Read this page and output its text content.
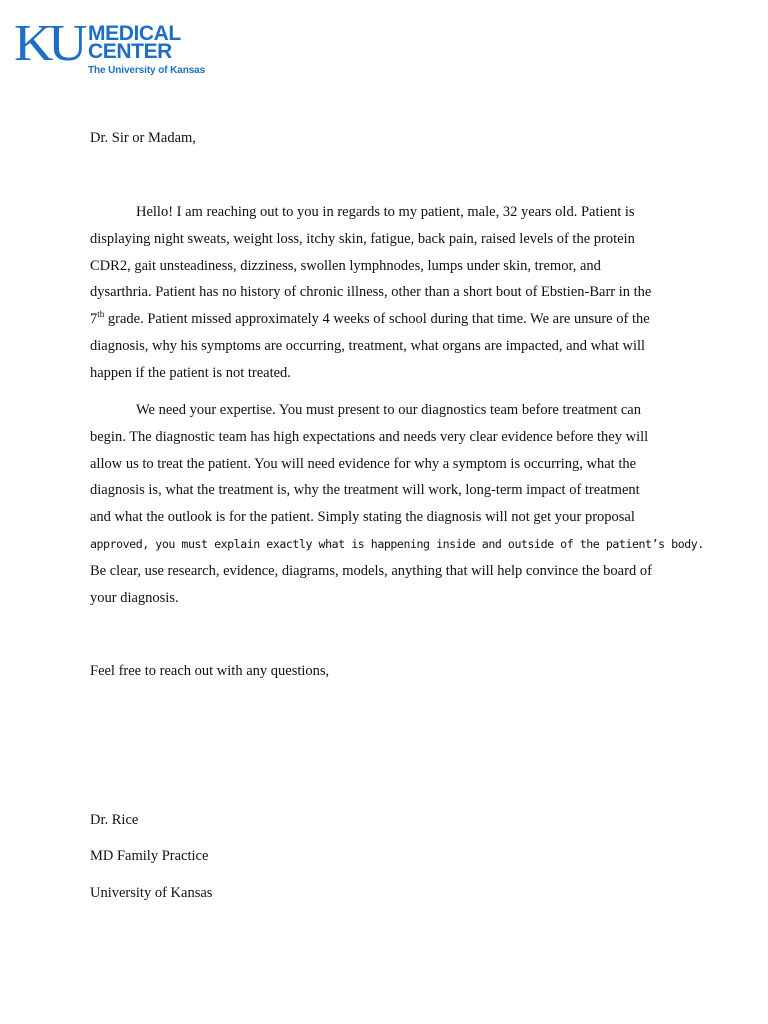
KU MEDICAL
CENTER
The University of Kansas
Dr. Sir or Madam,
Hello! I am reaching out to you in regards to my patient, male, 32 years old. Patient is
displaying night sweats, weight loss, itchy skin, fatigue, back pain, raised levels of the protein
CDR2, gait unsteadiness, dizziness, swollen lymphnodes, lumps under skin, tremor, and
dysarthria. Patient has no history of chronic illness, other than a short bout of Ebstien-Barr in the
7th grade. Patient missed approximately 4 weeks of school during that time. We are unsure of the
diagnosis, why his symptoms are occurring, treatment, what organs are impacted, and what will
happen if the patient is not treated.
We need your expertise. You must present to our diagnostics team before treatment can
begin. The diagnostic team has high expectations and needs very clear evidence before they will
allow us to treat the patient. You will need evidence for why a symptom is occurring, what the
diagnosis is, what the treatment is, why the treatment will work, long-term impact of treatment
and what the outlook is for the patient. Simply stating the diagnosis will not get your proposal
approved, you must explain exactly what is happening inside and outside of the patient’s body.
Be clear, use research, evidence, diagrams, models, anything that will help convince the board of
your diagnosis.
Feel free to reach out with any questions,
Dr. Rice
MD Family Practice
University of Kansas
